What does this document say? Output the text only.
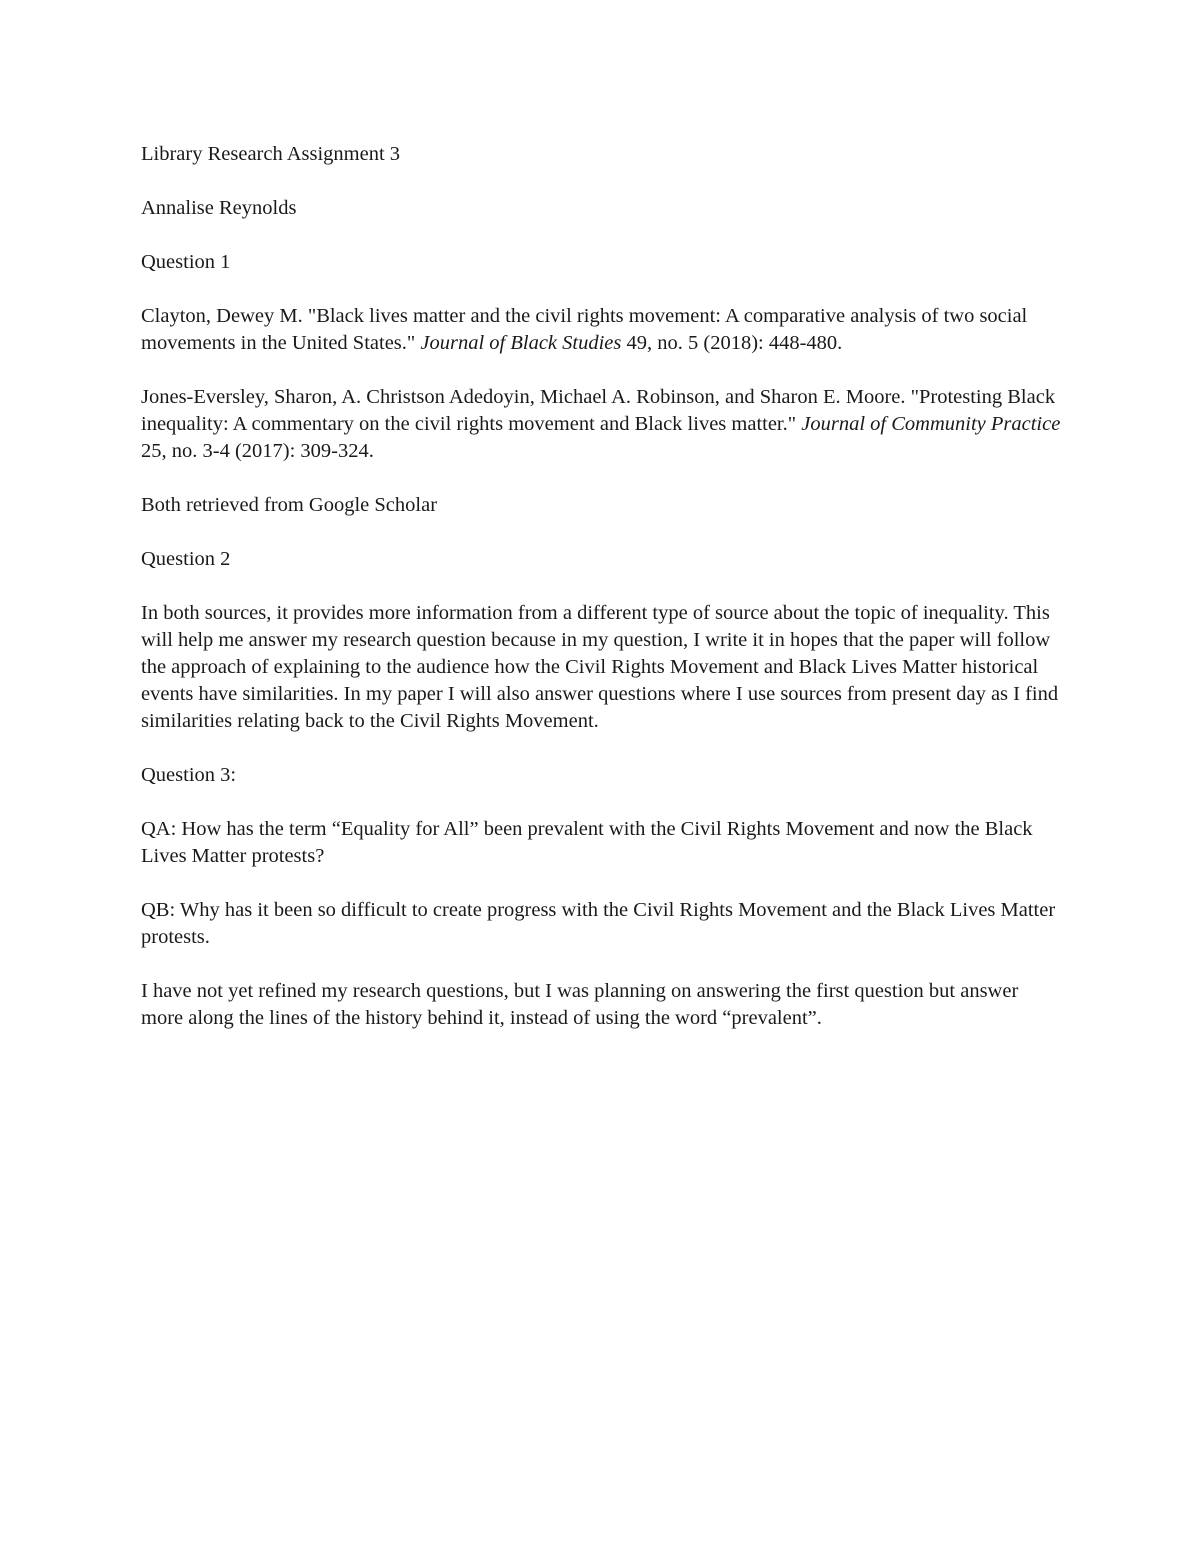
Library Research Assignment 3

Annalise Reynolds

Question 1

Clayton, Dewey M. "Black lives matter and the civil rights movement: A comparative analysis of two social movements in the United States." Journal of Black Studies 49, no. 5 (2018): 448-480.

Jones-Eversley, Sharon, A. Christson Adedoyin, Michael A. Robinson, and Sharon E. Moore. "Protesting Black inequality: A commentary on the civil rights movement and Black lives matter." Journal of Community Practice 25, no. 3-4 (2017): 309-324.

Both retrieved from Google Scholar

Question 2

In both sources, it provides more information from a different type of source about the topic of inequality. This will help me answer my research question because in my question, I write it in hopes that the paper will follow the approach of explaining to the audience how the Civil Rights Movement and Black Lives Matter historical events have similarities. In my paper I will also answer questions where I use sources from present day as I find similarities relating back to the Civil Rights Movement.

Question 3:

QA: How has the term “Equality for All” been prevalent with the Civil Rights Movement and now the Black Lives Matter protests?

QB: Why has it been so difficult to create progress with the Civil Rights Movement and the Black Lives Matter protests.

I have not yet refined my research questions, but I was planning on answering the first question but answer more along the lines of the history behind it, instead of using the word “prevalent”.
